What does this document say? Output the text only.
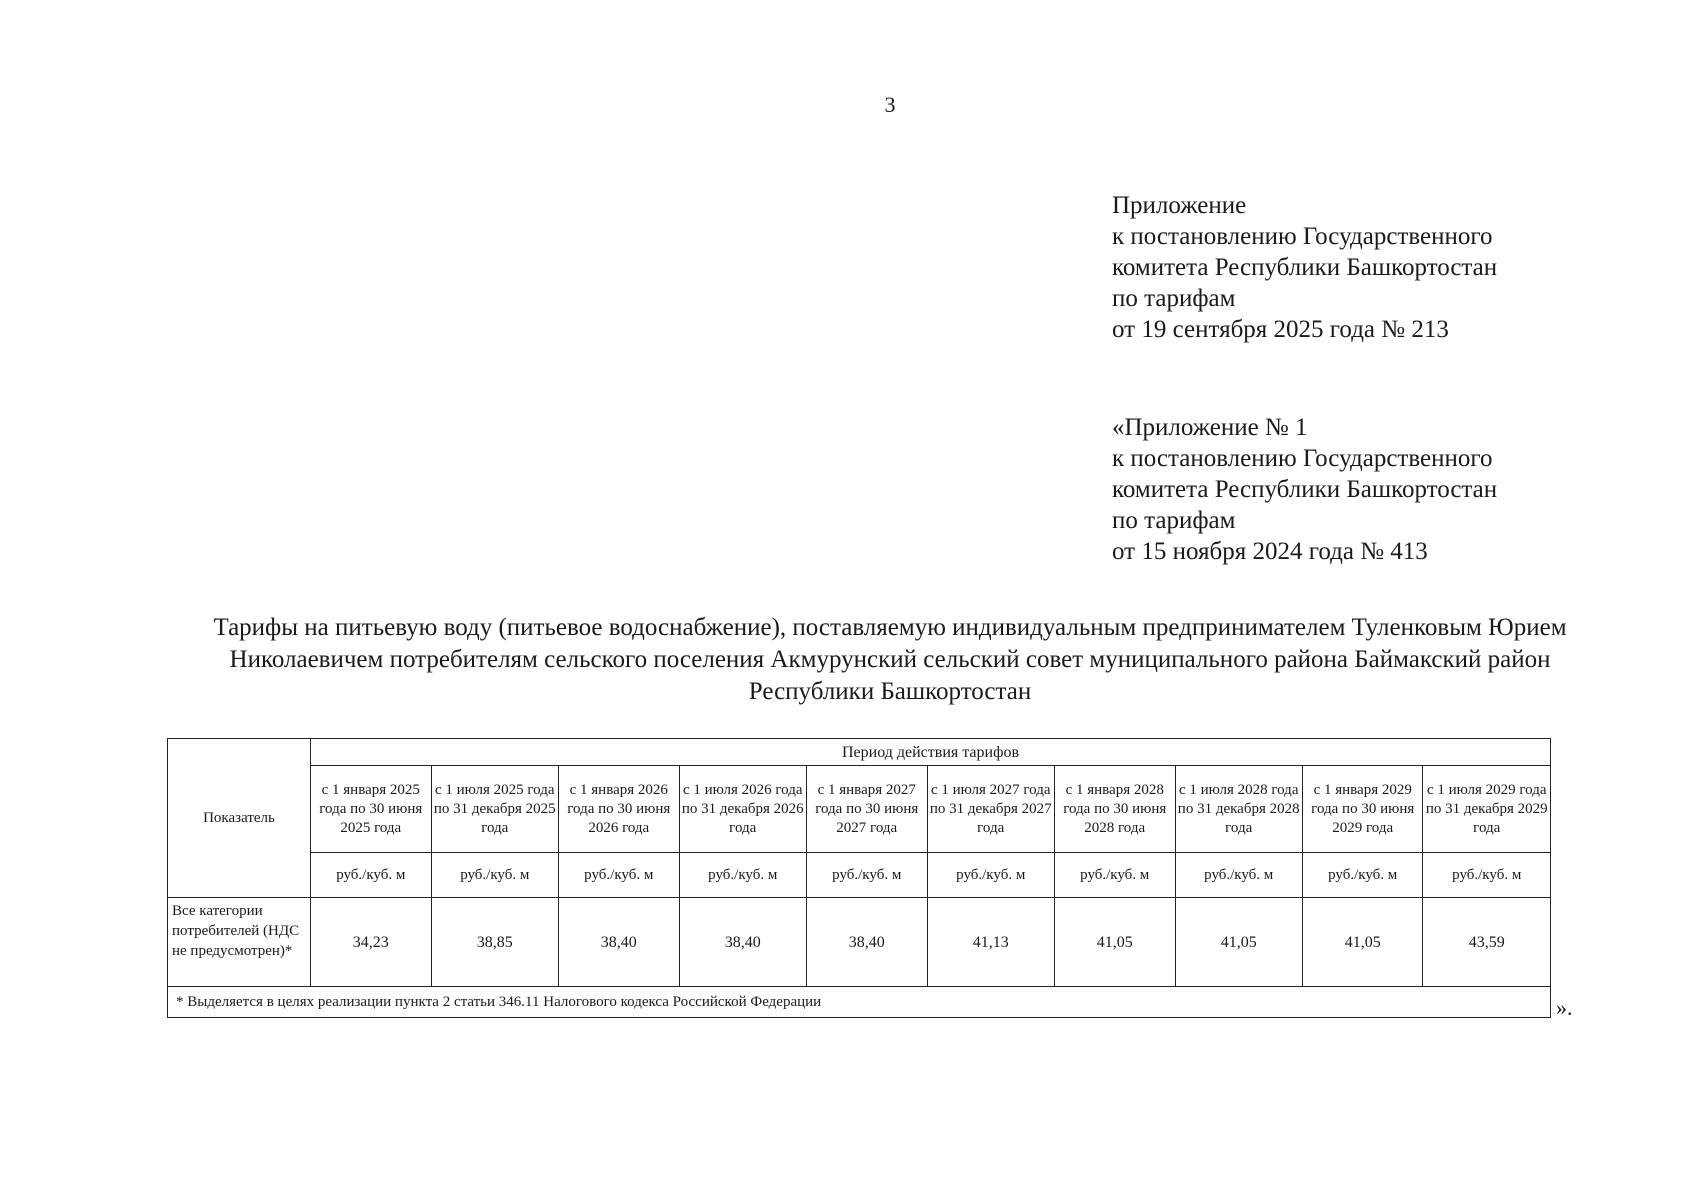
3
Приложение
к постановлению Государственного
комитета Республики Башкортостан
по тарифам
от 19 сентября 2025 года № 213
«Приложение № 1
к постановлению Государственного
комитета Республики Башкортостан
по тарифам
от 15 ноября 2024 года № 413
Тарифы на питьевую воду (питьевое водоснабжение), поставляемую индивидуальным предпринимателем Туленковым Юрием Николаевичем потребителям сельского поселения Акмурунский сельский совет муниципального района Баймакский район Республики Башкортостан
Показатель	Период действия тарифов									
	с 1 января 2025 года по 30 июня 2025 года	с 1 июля 2025 года по 31 декабря 2025 года	с 1 января 2026 года по 30 июня 2026 года	с 1 июля 2026 года по 31 декабря 2026 года	с 1 января 2027 года по 30 июня 2027 года	с 1 июля 2027 года по 31 декабря 2027 года	с 1 января 2028 года по 30 июня 2028 года	с 1 июля 2028 года по 31 декабря 2028 года	с 1 января 2029 года по 30 июня 2029 года	с 1 июля 2029 года по 31 декабря 2029 года
	руб./куб. м	руб./куб. м	руб./куб. м	руб./куб. м	руб./куб. м	руб./куб. м	руб./куб. м	руб./куб. м	руб./куб. м	руб./куб. м
Все категории потребителей (НДС не предусмотрен)*	34,23	38,85	38,40	38,40	38,40	41,13	41,05	41,05	41,05	43,59
* Выделяется в целях реализации пункта 2 статьи 346.11 Налогового кодекса Российской Федерации											».
